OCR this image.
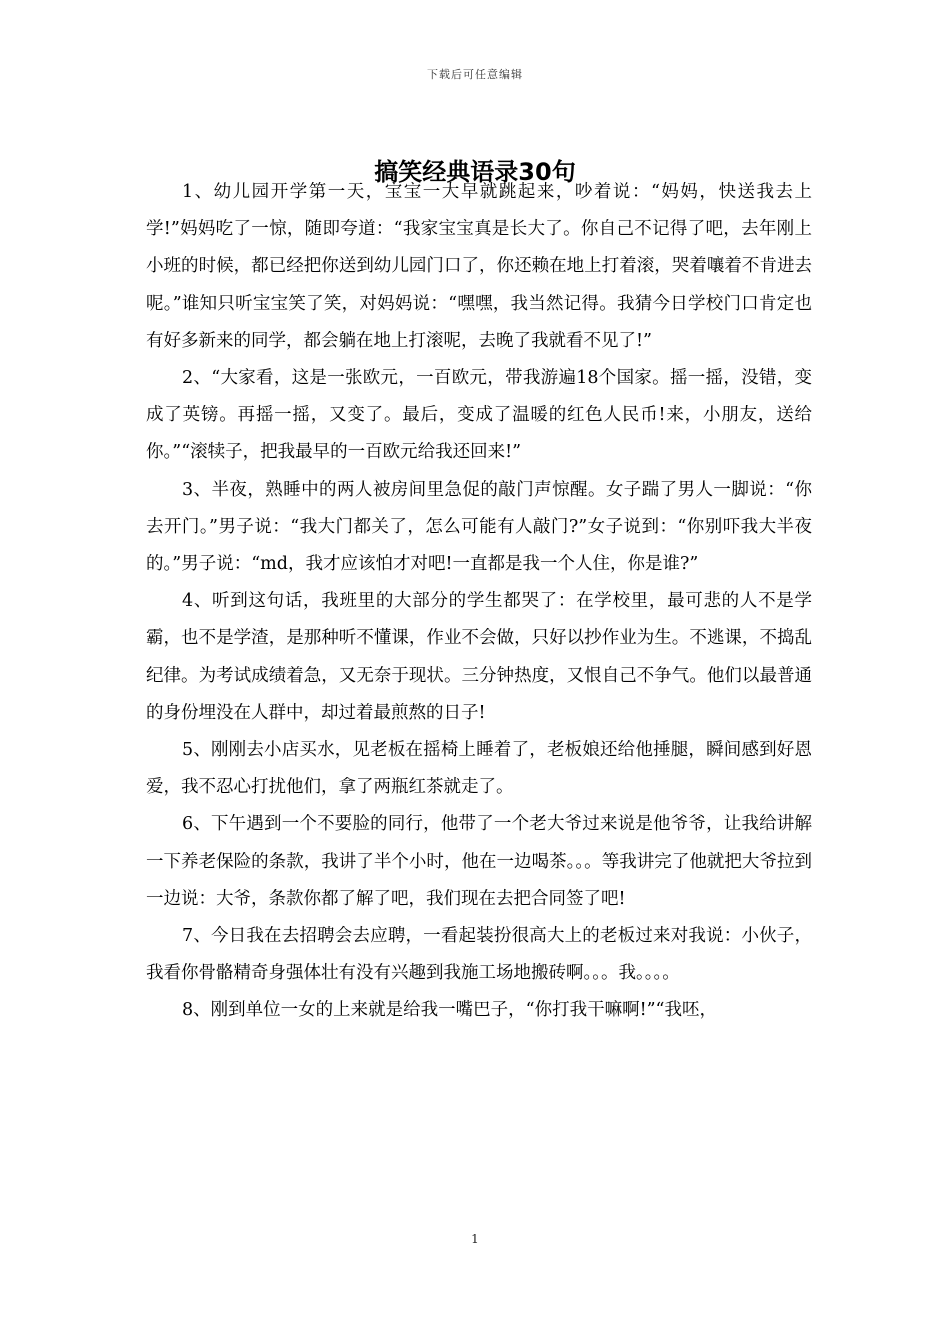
下载后可任意编辑
搞笑经典语录30句

1、幼儿园开学第一天，宝宝一大早就跳起来，吵着说：“妈妈，快送我去上学!”妈妈吃了一惊，随即夸道：“我家宝宝真是长大了。你自己不记得了吧，去年刚上小班的时候，都已经把你送到幼儿园门口了，你还赖在地上打着滚，哭着嚷着不肯进去呢。”谁知只听宝宝笑了笑，对妈妈说：“嘿嘿，我当然记得。我猜今日学校门口肯定也有好多新来的同学，都会躺在地上打滚呢，去晚了我就看不见了!”

2、“大家看，这是一张欧元，一百欧元，带我游遍18个国家。摇一摇，没错，变成了英镑。再摇一摇，又变了。最后，变成了温暖的红色人民币!来，小朋友，送给你。”“滚犊子，把我最早的一百欧元给我还回来!”

3、半夜，熟睡中的两人被房间里急促的敲门声惊醒。女子踹了男人一脚说：“你去开门。”男子说：“我大门都关了，怎么可能有人敲门?”女子说到：“你别吓我大半夜的。”男子说：“md，我才应该怕才对吧!一直都是我一个人住，你是谁?”

4、听到这句话，我班里的大部分的学生都哭了：在学校里，最可悲的人不是学霸，也不是学渣，是那种听不懂课，作业不会做，只好以抄作业为生。不逃课，不捣乱纪律。为考试成绩着急，又无奈于现状。三分钟热度，又恨自己不争气。他们以最普通的身份埋没在人群中，却过着最煎熬的日子!

5、刚刚去小店买水，见老板在摇椅上睡着了，老板娘还给他捶腿，瞬间感到好恩爱，我不忍心打扰他们，拿了两瓶红茶就走了。

6、下午遇到一个不要脸的同行，他带了一个老大爷过来说是他爷爷，让我给讲解一下养老保险的条款，我讲了半个小时，他在一边喝茶。。。等我讲完了他就把大爷拉到一边说：大爷，条款你都了解了吧，我们现在去把合同签了吧!

7、今日我在去招聘会去应聘，一看起装扮很高大上的老板过来对我说：小伙子，我看你骨骼精奇身强体壮有没有兴趣到我施工场地搬砖啊。。。我。。。。

8、刚到单位一女的上来就是给我一嘴巴子，“你打我干嘛啊!”“我呸，

1
